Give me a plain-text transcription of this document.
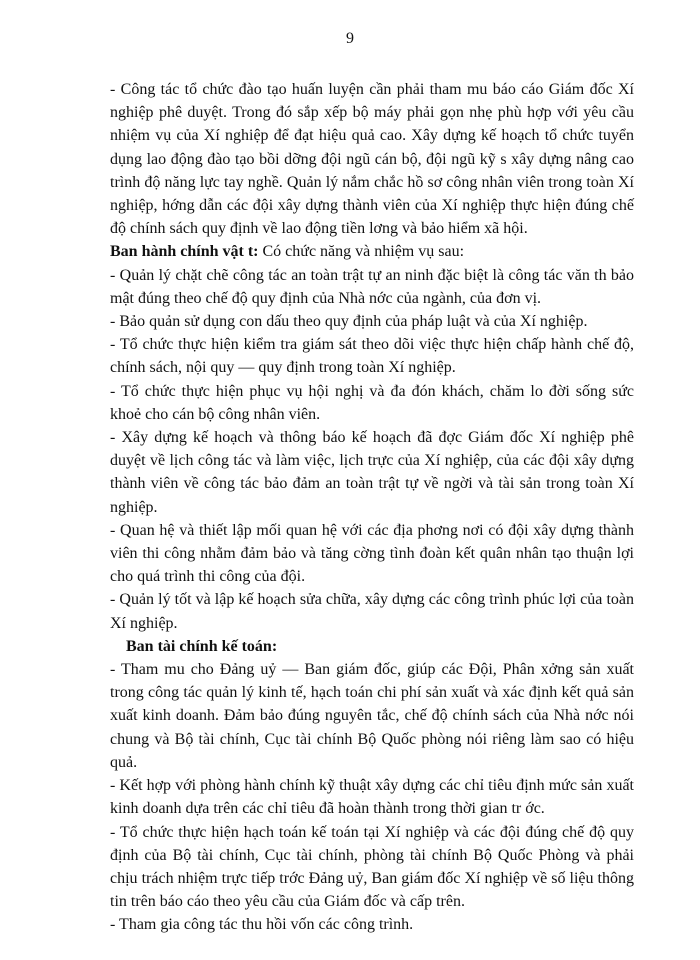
9

- Công tác tổ chức đào tạo huấn luyện cần phải tham mu báo cáo Giám đốc Xí nghiệp phê duyệt. Trong đó sắp xếp bộ máy phải gọn nhẹ phù hợp với yêu cầu nhiệm vụ của Xí nghiệp để đạt hiệu quả cao. Xây dựng kế hoạch tổ chức tuyển dụng lao động đào tạo bồi dỡng đội ngũ cán bộ, đội ngũ kỹ s xây dựng nâng cao trình độ năng lực tay nghề. Quản lý nắm chắc hồ sơ công nhân viên trong toàn Xí nghiệp, hớng dẫn các đội xây dựng thành viên của Xí nghiệp thực hiện đúng chế độ chính sách quy định về lao động tiền lơng và bảo hiểm xã hội.

Ban hành chính vật t: Có chức năng và nhiệm vụ sau:

- Quản lý chặt chẽ công tác an toàn trật tự an ninh đặc biệt là công tác văn th bảo mật đúng theo chế độ quy định của Nhà nớc của ngành, của đơn vị.

- Bảo quản sử dụng con dấu theo quy định của pháp luật và của Xí nghiệp.

- Tổ chức thực hiện kiểm tra giám sát theo dõi việc thực hiện chấp hành chế độ, chính sách, nội quy — quy định trong toàn Xí nghiệp.

- Tổ chức thực hiện phục vụ hội nghị và đa đón khách, chăm lo đời sống sức khoẻ cho cán bộ công nhân viên.

- Xây dựng kế hoạch và thông báo kế hoạch đã đợc Giám đốc Xí nghiệp phê duyệt về lịch công tác và làm việc, lịch trực của Xí nghiệp, của các đội xây dựng thành viên về công tác bảo đảm an toàn trật tự về ngời và tài sản trong toàn Xí nghiệp.

- Quan hệ và thiết lập mối quan hệ với các địa phơng nơi có đội xây dựng thành viên thi công nhằm đảm bảo và tăng cờng tình đoàn kết quân nhân tạo thuận lợi cho quá trình thi công của đội.

- Quản lý tốt và lập kế hoạch sửa chữa, xây dựng các công trình phúc lợi của toàn Xí nghiệp.

Ban tài chính kế toán:

- Tham mu cho Đảng uỷ — Ban giám đốc, giúp các Đội, Phân xởng sản xuất trong công tác quản lý kinh tế, hạch toán chi phí sản xuất và xác định kết quả sản xuất kinh doanh. Đảm bảo đúng nguyên tắc, chế độ chính sách của Nhà nớc nói chung và Bộ tài chính, Cục tài chính Bộ Quốc phòng nói riêng làm sao có hiệu quả.

- Kết hợp với phòng hành chính kỹ thuật xây dựng các chỉ tiêu định mức sản xuất kinh doanh dựa trên các chỉ tiêu đã hoàn thành trong thời gian tr ớc.

- Tổ chức thực hiện hạch toán kế toán tại Xí nghiệp và các đội đúng chế độ quy định của Bộ tài chính, Cục tài chính, phòng tài chính Bộ Quốc Phòng và phải chịu trách nhiệm trực tiếp trớc Đảng uỷ, Ban giám đốc Xí nghiệp về số liệu thông tin trên báo cáo theo yêu cầu của Giám đốc và cấp trên.

- Tham gia công tác thu hồi vốn các công trình.
